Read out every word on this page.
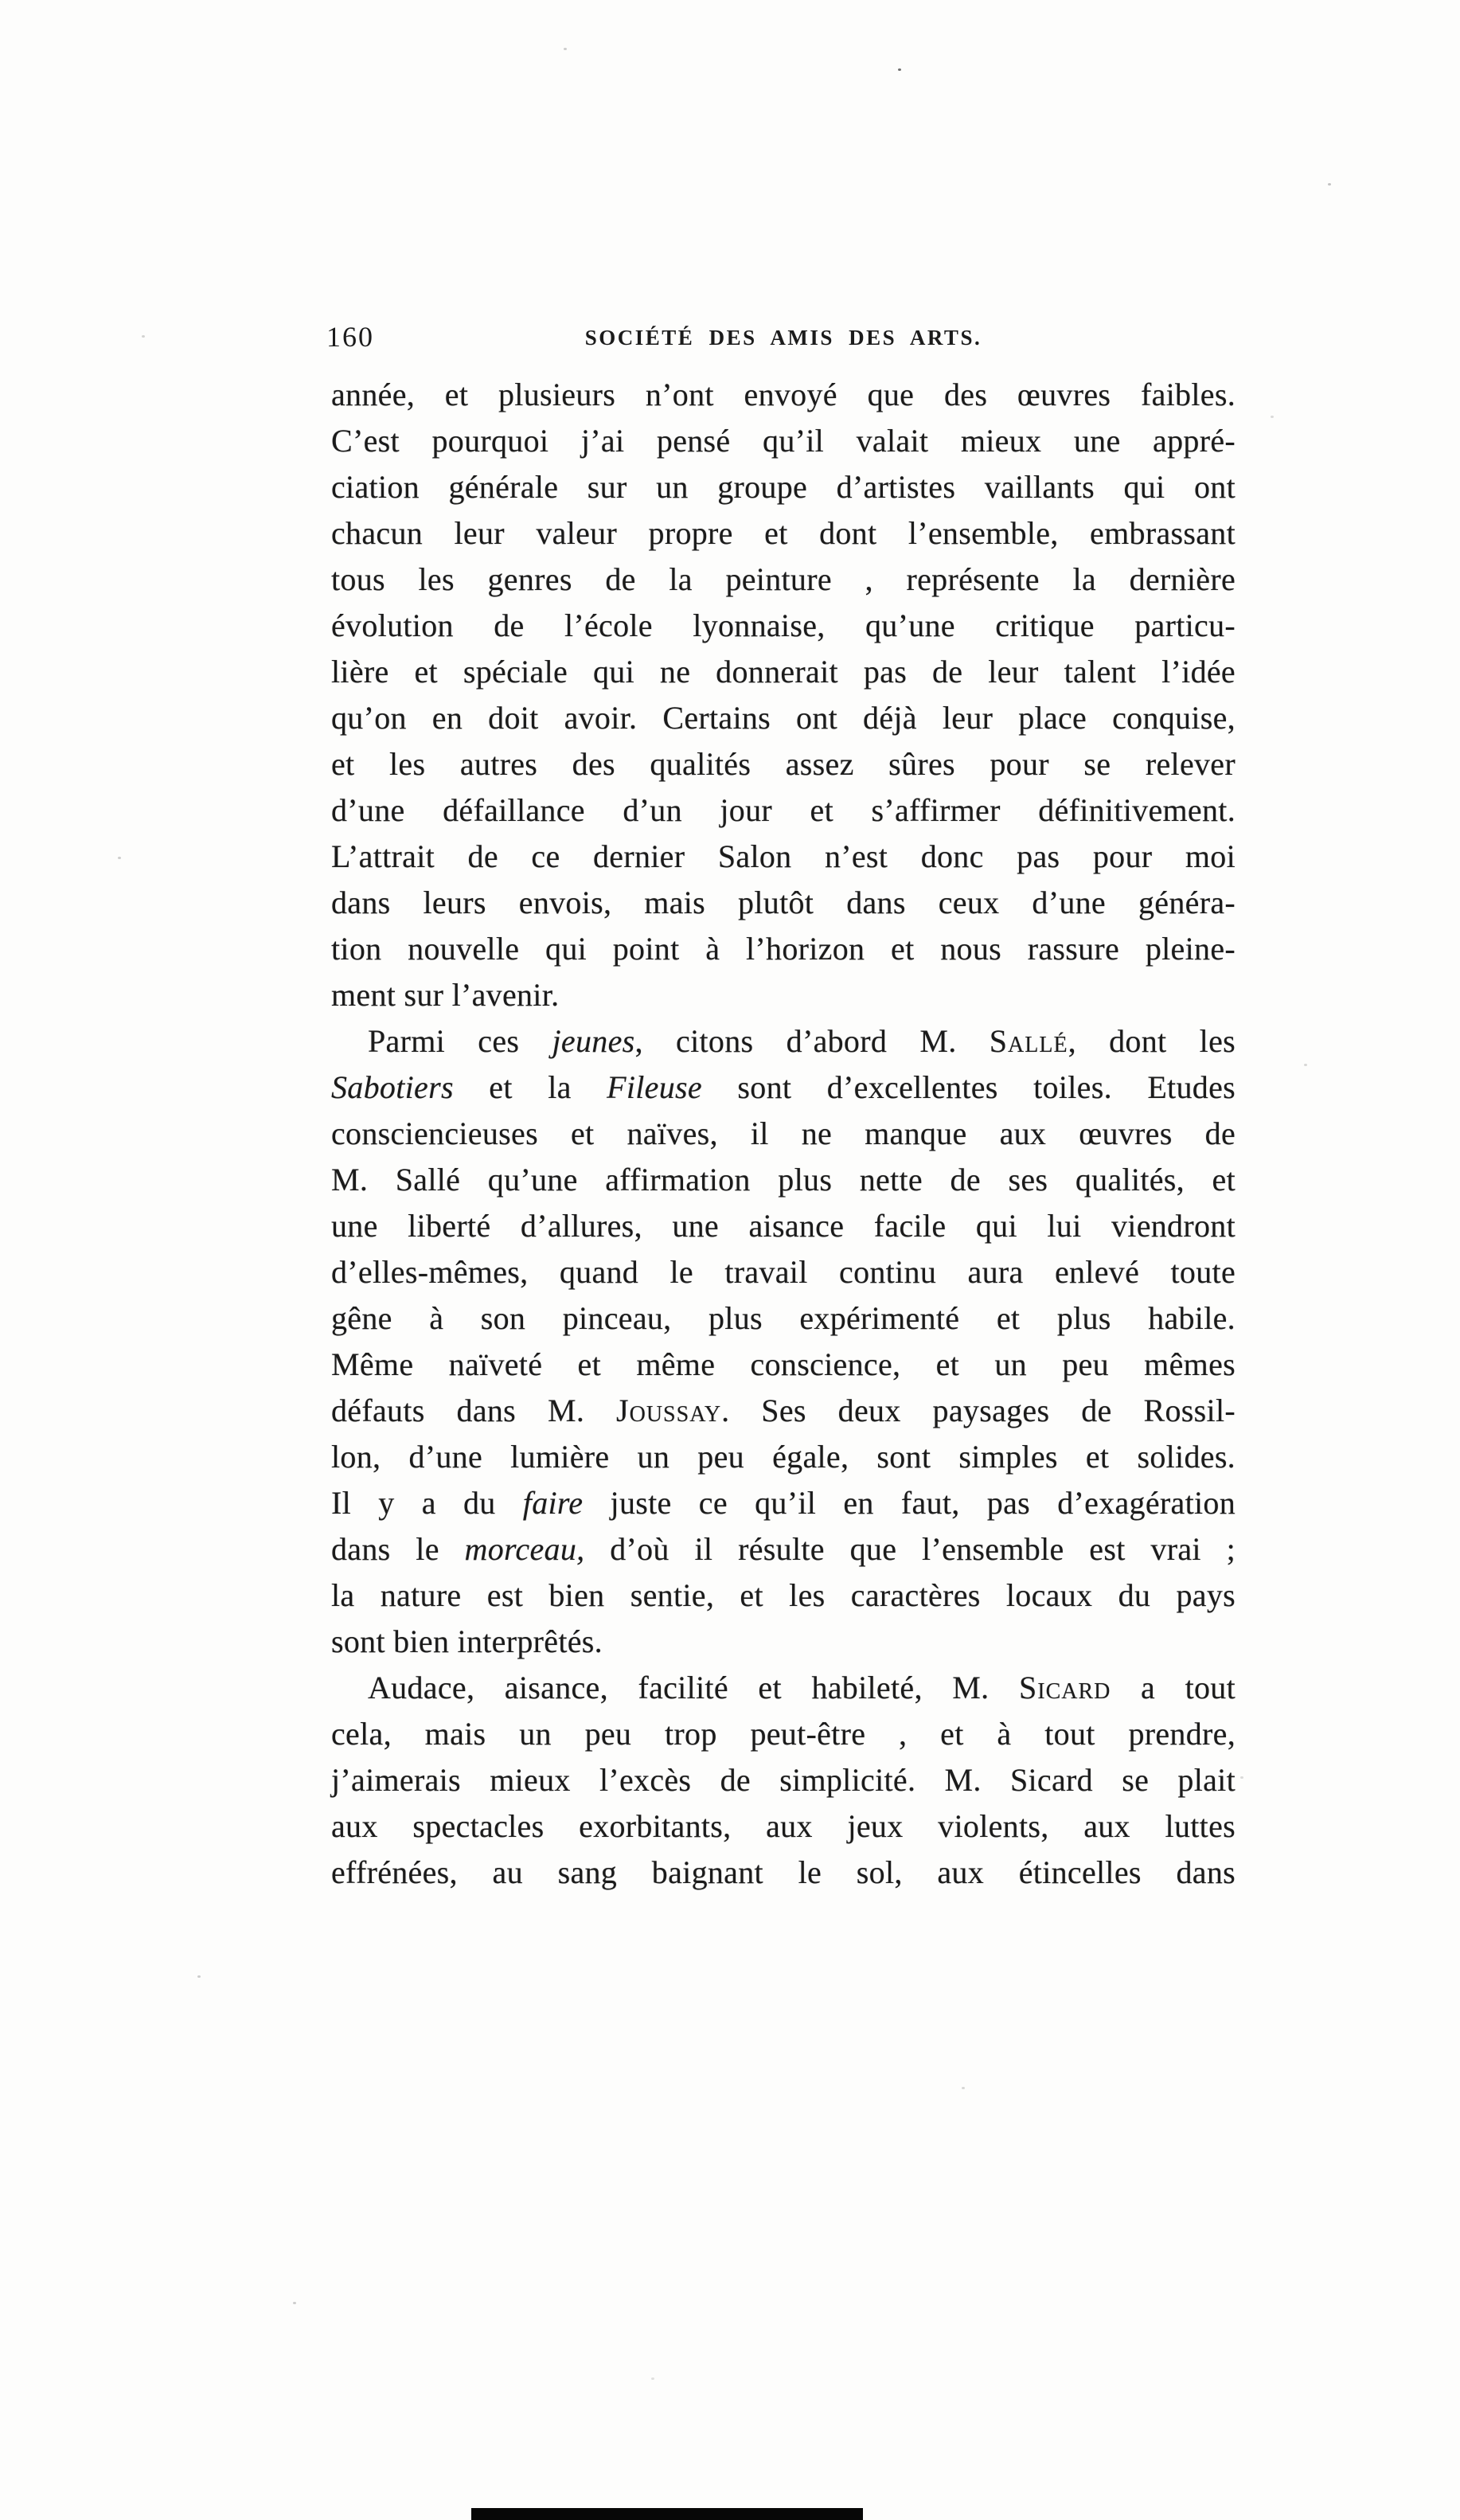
160	SOCIÉTÉ DES AMIS DES ARTS.
année, et plusieurs n’ont envoyé que des œuvres faibles.
C’est pourquoi j’ai pensé qu’il valait mieux une appré-
ciation générale sur un groupe d’artistes vaillants qui ont
chacun leur valeur propre et dont l’ensemble, embrassant
tous les genres de la peinture , représente la dernière
évolution de l’école lyonnaise, qu’une critique particu-
lière et spéciale qui ne donnerait pas de leur talent l’idée
qu’on en doit avoir. Certains ont déjà leur place conquise,
et les autres des qualités assez sûres pour se relever
d’une défaillance d’un jour et s’affirmer définitivement.
L’attrait de ce dernier Salon n’est donc pas pour moi
dans leurs envois, mais plutôt dans ceux d’une généra-
tion nouvelle qui point à l’horizon et nous rassure pleine-
ment sur l’avenir.
Parmi ces jeunes, citons d’abord M. Sallé, dont les
Sabotiers et la Fileuse sont d’excellentes toiles. Etudes
consciencieuses et naïves, il ne manque aux œuvres de
M. Sallé qu’une affirmation plus nette de ses qualités, et
une liberté d’allures, une aisance facile qui lui viendront
d’elles-mêmes, quand le travail continu aura enlevé toute
gêne à son pinceau, plus expérimenté et plus habile.
Même naïveté et même conscience, et un peu mêmes
défauts dans M. Joussay. Ses deux paysages de Rossil-
lon, d’une lumière un peu égale, sont simples et solides.
Il y a du faire juste ce qu’il en faut, pas d’exagération
dans le morceau, d’où il résulte que l’ensemble est vrai ;
la nature est bien sentie, et les caractères locaux du pays
sont bien interprêtés.
Audace, aisance, facilité et habileté, M. Sicard a tout
cela, mais un peu trop peut-être , et à tout prendre,
j’aimerais mieux l’excès de simplicité. M. Sicard se plait
aux spectacles exorbitants, aux jeux violents, aux luttes
effrénées, au sang baignant le sol, aux étincelles dans
